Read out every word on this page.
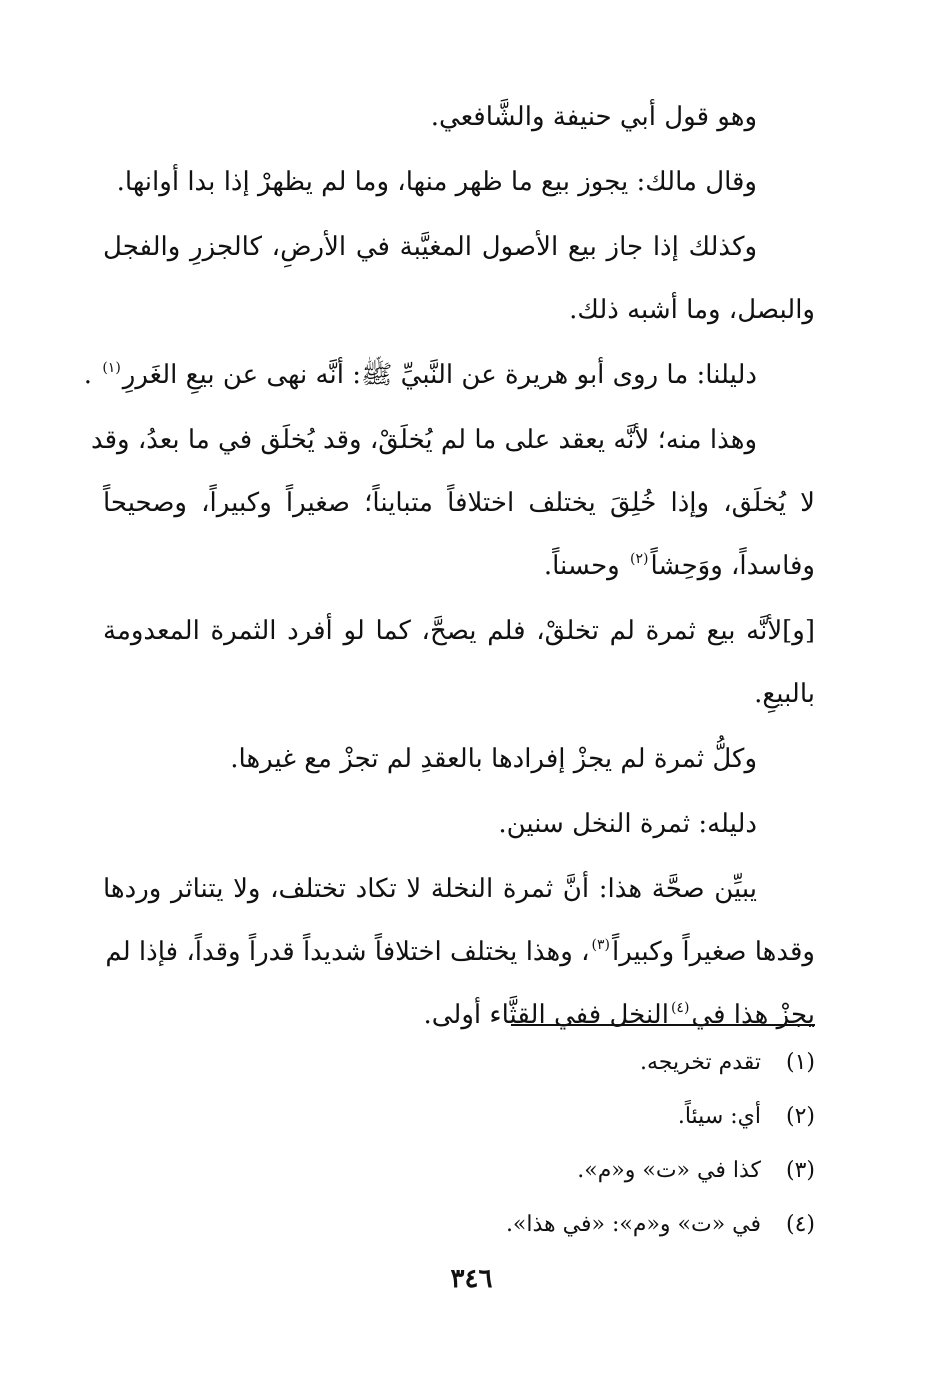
وهو قول أبي حنيفة والشَّافعي.
وقال مالك: يجوز بيع ما ظهر منها، وما لم يظهرْ إذا بدا أوانها.
وكذلك إذا جاز بيع الأصول المغيَّبة في الأرضِ، كالجزرِ والفجل
والبصل، وما أشبه ذلك.
دليلنا: ما روى أبو هريرة عن النَّبيِّ ﷺ: أنَّه نهى عن بيعِ الغَررِ$^{(١)}$ .
وهذا منه؛ لأنَّه يعقد على ما لم يُخلَقْ، وقد يُخلَق في ما بعدُ، وقد
لا يُخلَق، وإذا خُلِقَ يختلف اختلافاً متبايناً؛ صغيراً وكبيراً، وصحيحاً
وفاسداً، ووَحِشاً$^{(٢)}$ وحسناً.
[و]لأنَّه بيع ثمرة لم تخلقْ، فلم يصحَّ، كما لو أفرد الثمرة المعدومة
بالبيعِ.
وكلُّ ثمرة لم يجزْ إفرادها بالعقدِ لم تجزْ مع غيرها.
دليله: ثمرة النخل سنين.
يبيِّن صحَّة هذا: أنَّ ثمرة النخلة لا تكاد تختلف، ولا يتناثر وردها
وقدها صغيراً وكبيراً$^{(٣)}$، وهذا يختلف اختلافاً شديداً قدراً وقداً، فإذا لم
يجزْ هذا في$^{(٤)}$النخل ففي القثَّاء أولى.
(١)تقدم تخريجه.
(٢)أي: سيئاً.
(٣)كذا في «ت» و«م».
(٤)في «ت» و«م»: «في هذا».
٣٤٦
